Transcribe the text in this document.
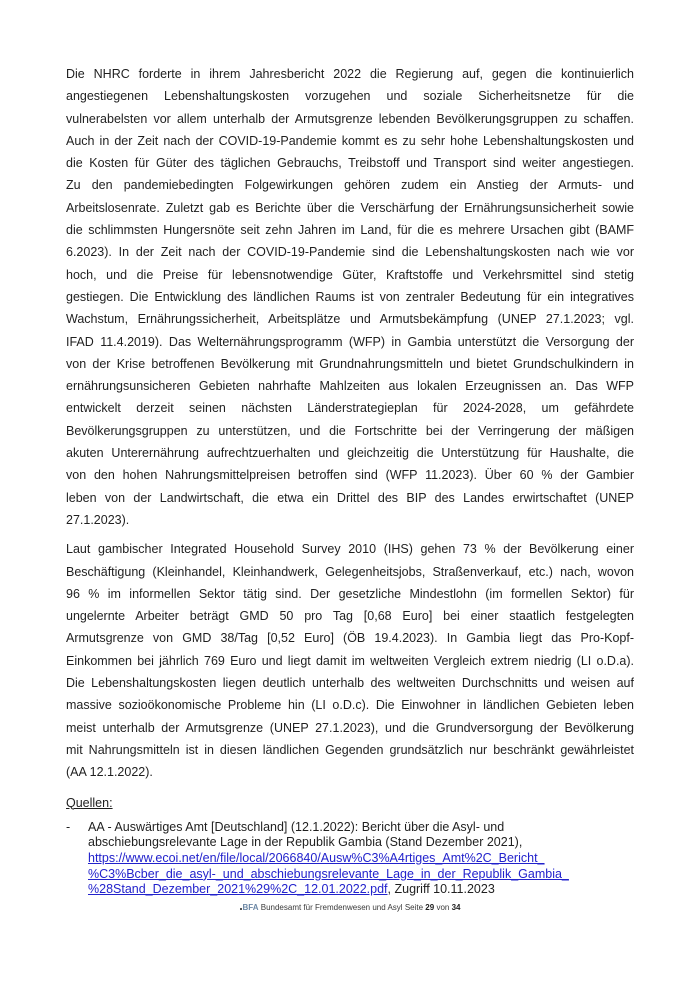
Die NHRC forderte in ihrem Jahresbericht 2022 die Regierung auf, gegen die kontinuierlich
angestiegenen Lebenshaltungskosten vorzugehen und soziale Sicherheitsnetze für die
vulnerabelsten vor allem unterhalb der Armutsgrenze lebenden Bevölkerungsgruppen zu schaffen.
Auch in der Zeit nach der COVID-19-Pandemie kommt es zu sehr hohe Lebenshaltungskosten und
die Kosten für Güter des täglichen Gebrauchs, Treibstoff und Transport sind weiter angestiegen.
Zu den pandemiebedingten Folgewirkungen gehören zudem ein Anstieg der Armuts- und
Arbeitslosenrate. Zuletzt gab es Berichte über die Verschärfung der Ernährungsunsicherheit sowie
die schlimmsten Hungersnöte seit zehn Jahren im Land, für die es mehrere Ursachen gibt (BAMF
6.2023). In der Zeit nach der COVID-19-Pandemie sind die Lebenshaltungskosten nach wie vor
hoch, und die Preise für lebensnotwendige Güter, Kraftstoffe und Verkehrsmittel sind stetig
gestiegen. Die Entwicklung des ländlichen Raums ist von zentraler Bedeutung für ein integratives
Wachstum, Ernährungssicherheit, Arbeitsplätze und Armutsbekämpfung (UNEP 27.1.2023; vgl.
IFAD 11.4.2019). Das Welternährungsprogramm (WFP) in Gambia unterstützt die Versorgung der
von der Krise betroffenen Bevölkerung mit Grundnahrungsmitteln und bietet Grundschulkindern in
ernährungsunsicheren Gebieten nahrhafte Mahlzeiten aus lokalen Erzeugnissen an. Das WFP
entwickelt derzeit seinen nächsten Länderstrategieplan für 2024-2028, um gefährdete
Bevölkerungsgruppen zu unterstützen, und die Fortschritte bei der Verringerung der mäßigen
akuten Unterernährung aufrechtzuerhalten und gleichzeitig die Unterstützung für Haushalte, die
von den hohen Nahrungsmittelpreisen betroffen sind (WFP 11.2023). Über 60 % der Gambier
leben von der Landwirtschaft, die etwa ein Drittel des BIP des Landes erwirtschaftet (UNEP
27.1.2023).
Laut gambischer Integrated Household Survey 2010 (IHS) gehen 73 % der Bevölkerung einer
Beschäftigung (Kleinhandel, Kleinhandwerk, Gelegenheitsjobs, Straßenverkauf, etc.) nach, wovon
96 % im informellen Sektor tätig sind. Der gesetzliche Mindestlohn (im formellen Sektor) für
ungelernte Arbeiter beträgt GMD 50 pro Tag [0,68 Euro] bei einer staatlich festgelegten
Armutsgrenze von GMD 38/Tag [0,52 Euro] (ÖB 19.4.2023). In Gambia liegt das Pro-Kopf-
Einkommen bei jährlich 769 Euro und liegt damit im weltweiten Vergleich extrem niedrig (LI o.D.a).
Die Lebenshaltungskosten liegen deutlich unterhalb des weltweiten Durchschnitts und weisen auf
massive sozioökonomische Probleme hin (LI o.D.c). Die Einwohner in ländlichen Gebieten leben
meist unterhalb der Armutsgrenze (UNEP 27.1.2023), und die Grundversorgung der Bevölkerung
mit Nahrungsmitteln ist in diesen ländlichen Gegenden grundsätzlich nur beschränkt gewährleistet
(AA 12.1.2022).
Quellen:
-	AA - Auswärtiges Amt [Deutschland] (12.1.2022): Bericht über die Asyl- und
abschiebungsrelevante Lage in der Republik Gambia (Stand Dezember 2021),
https://www.ecoi.net/en/file/local/2066840/Ausw%C3%A4rtiges_Amt%2C_Bericht_
%C3%Bcber_die_asyl-_und_abschiebungsrelevante_Lage_in_der_Republik_Gambia_
%28Stand_Dezember_2021%29%2C_12.01.2022.pdf, Zugriff 10.11.2023
BFA Bundesamt für Fremdenwesen und Asyl Seite 29 von 34
